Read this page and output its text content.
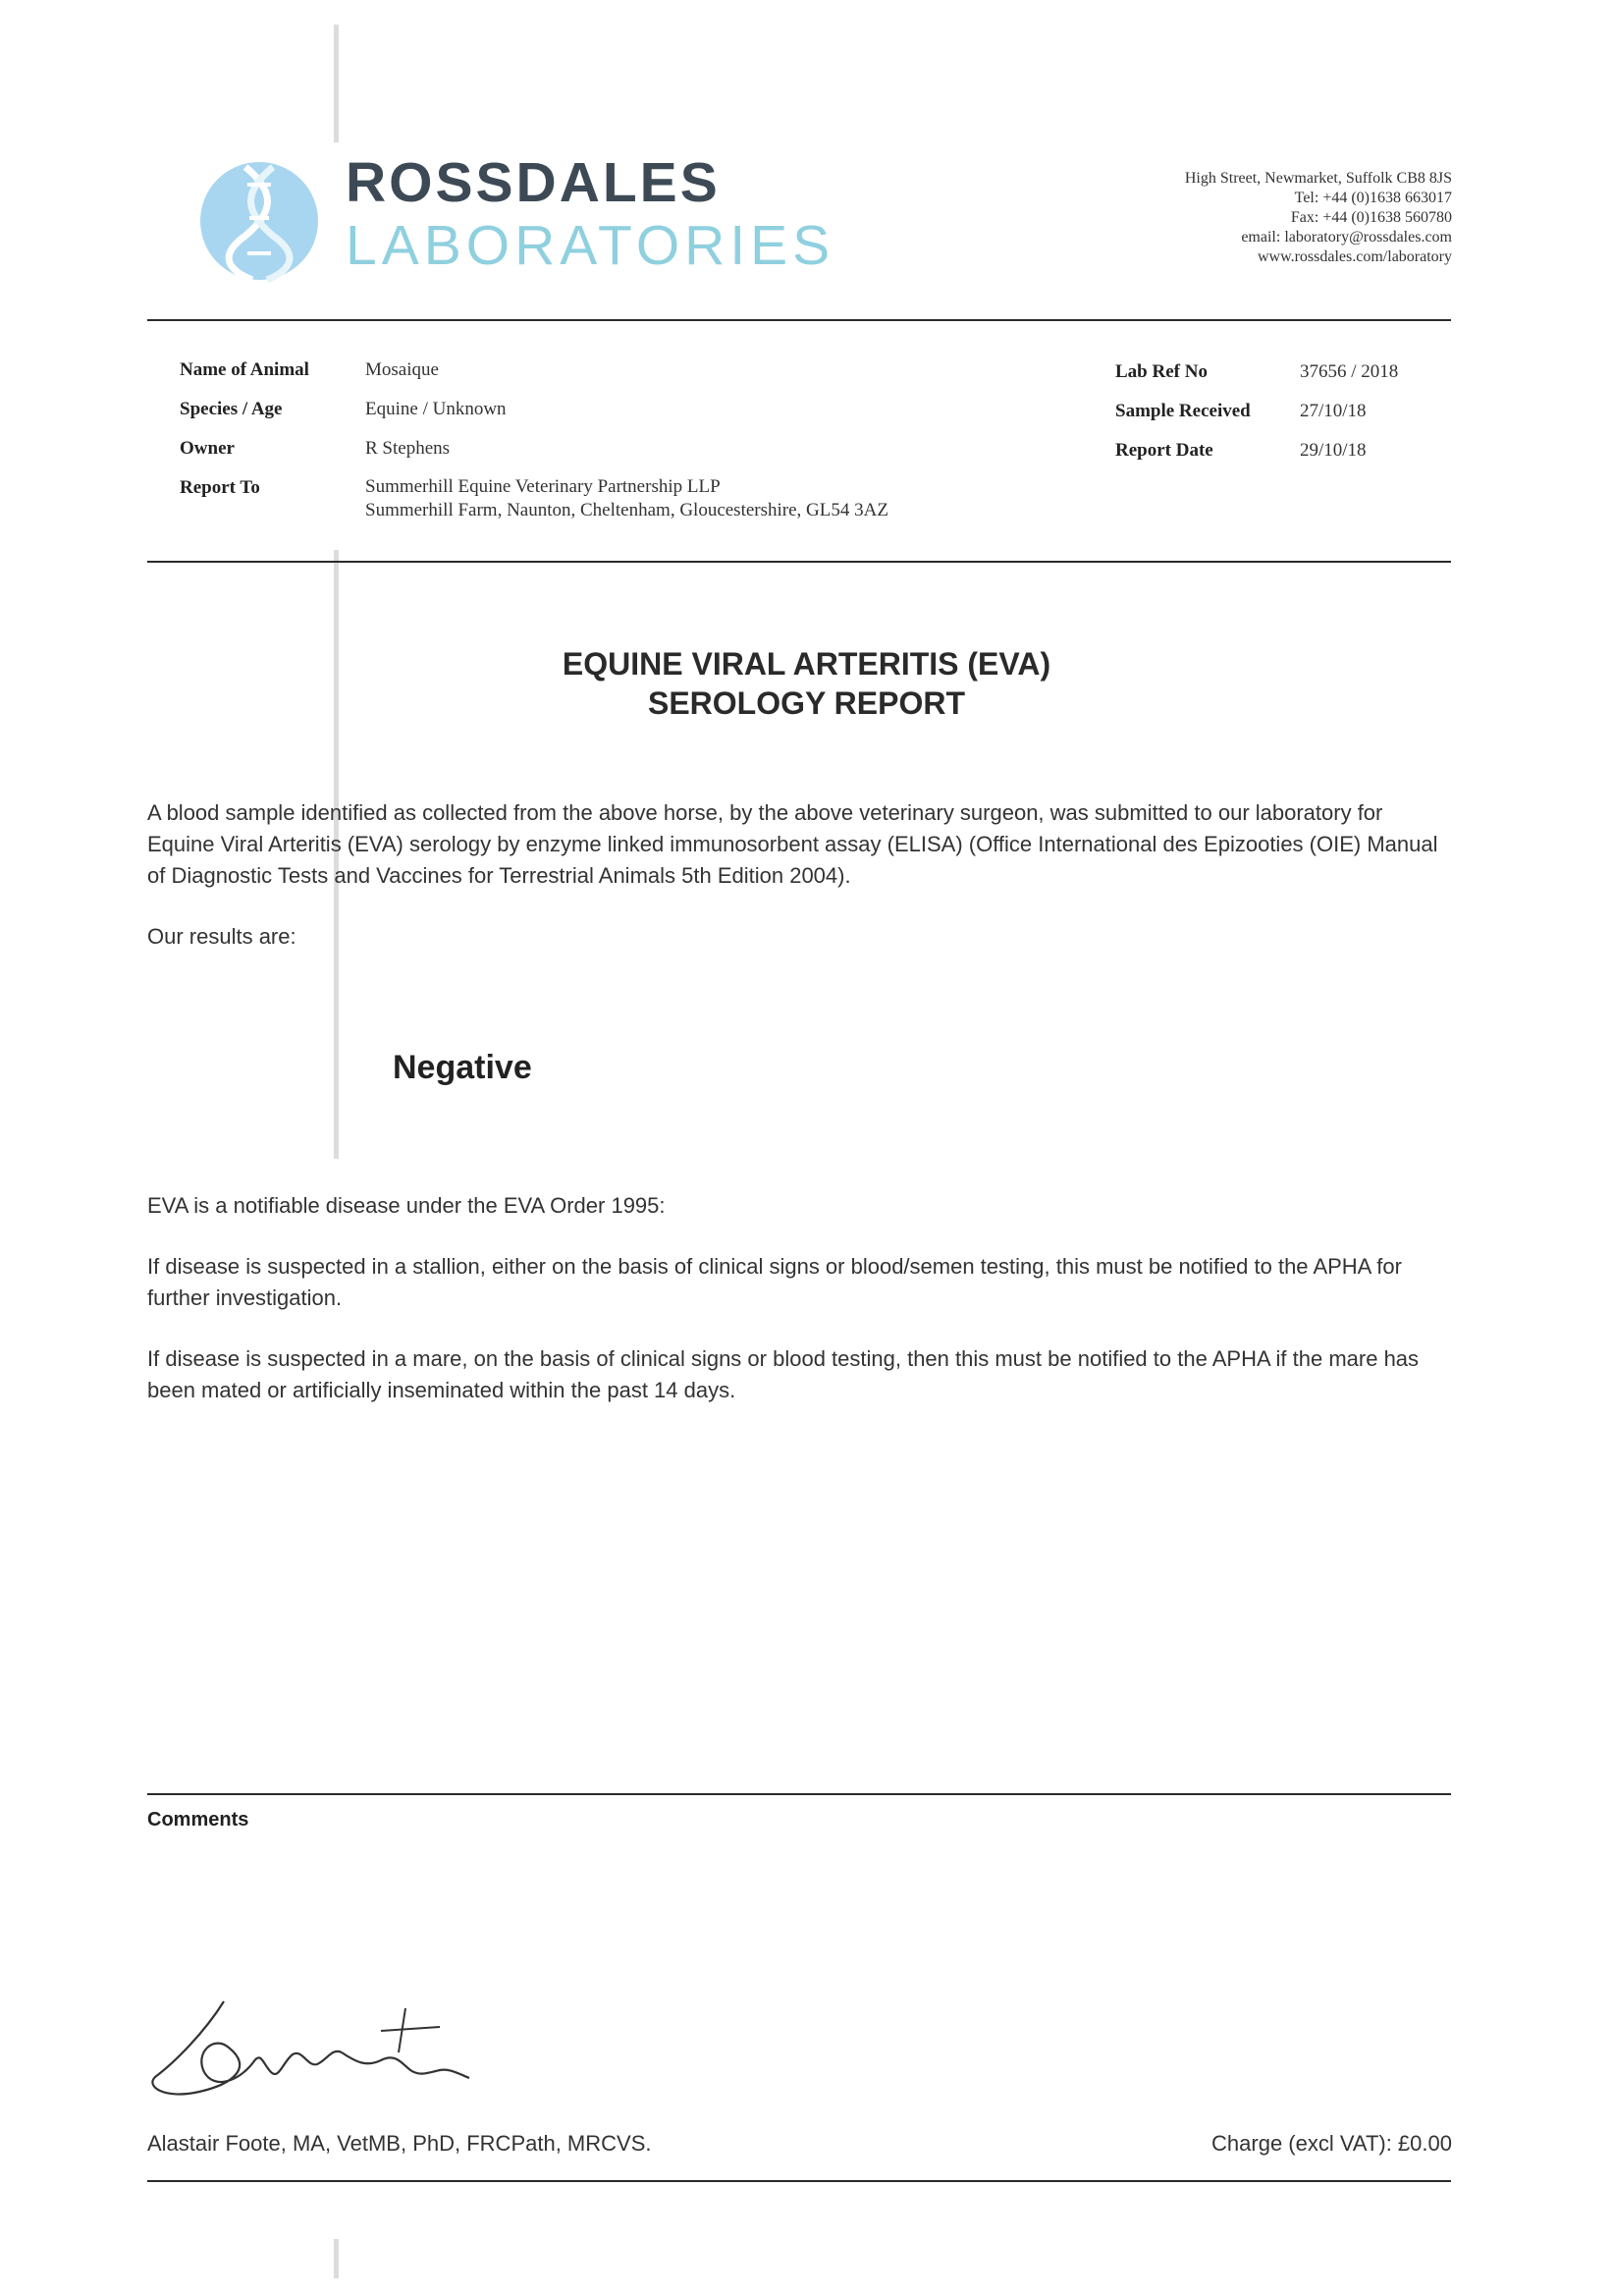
ROSSDALES
LABORATORIES
High Street, Newmarket, Suffolk CB8 8JS
Tel: +44 (0)1638 663017
Fax: +44 (0)1638 560780
email: laboratory@rossdales.com
www.rossdales.com/laboratory
Name of Animal	Mosaique
Species / Age	Equine / Unknown
Owner	R Stephens
Report To	Summerhill Equine Veterinary Partnership LLP
Summerhill Farm, Naunton, Cheltenham, Gloucestershire, GL54 3AZ
Lab Ref No	37656 / 2018
Sample Received	27/10/18
Report Date	29/10/18
EQUINE VIRAL ARTERITIS (EVA)
SEROLOGY REPORT
A blood sample identified as collected from the above horse, by the above veterinary surgeon, was submitted to our laboratory for Equine Viral Arteritis (EVA) serology by enzyme linked immunosorbent assay (ELISA) (Office International des Epizooties (OIE) Manual of Diagnostic Tests and Vaccines for Terrestrial Animals 5th Edition 2004).
Our results are:
Negative
EVA is a notifiable disease under the EVA Order 1995:
If disease is suspected in a stallion, either on the basis of clinical signs or blood/semen testing, this must be notified to the APHA for further investigation.
If disease is suspected in a mare, on the basis of clinical signs or blood testing, then this must be notified to the APHA if the mare has been mated or artificially inseminated within the past 14 days.
Comments
Alastair Foote, MA, VetMB, PhD, FRCPath, MRCVS.	Charge (excl VAT): £0.00
